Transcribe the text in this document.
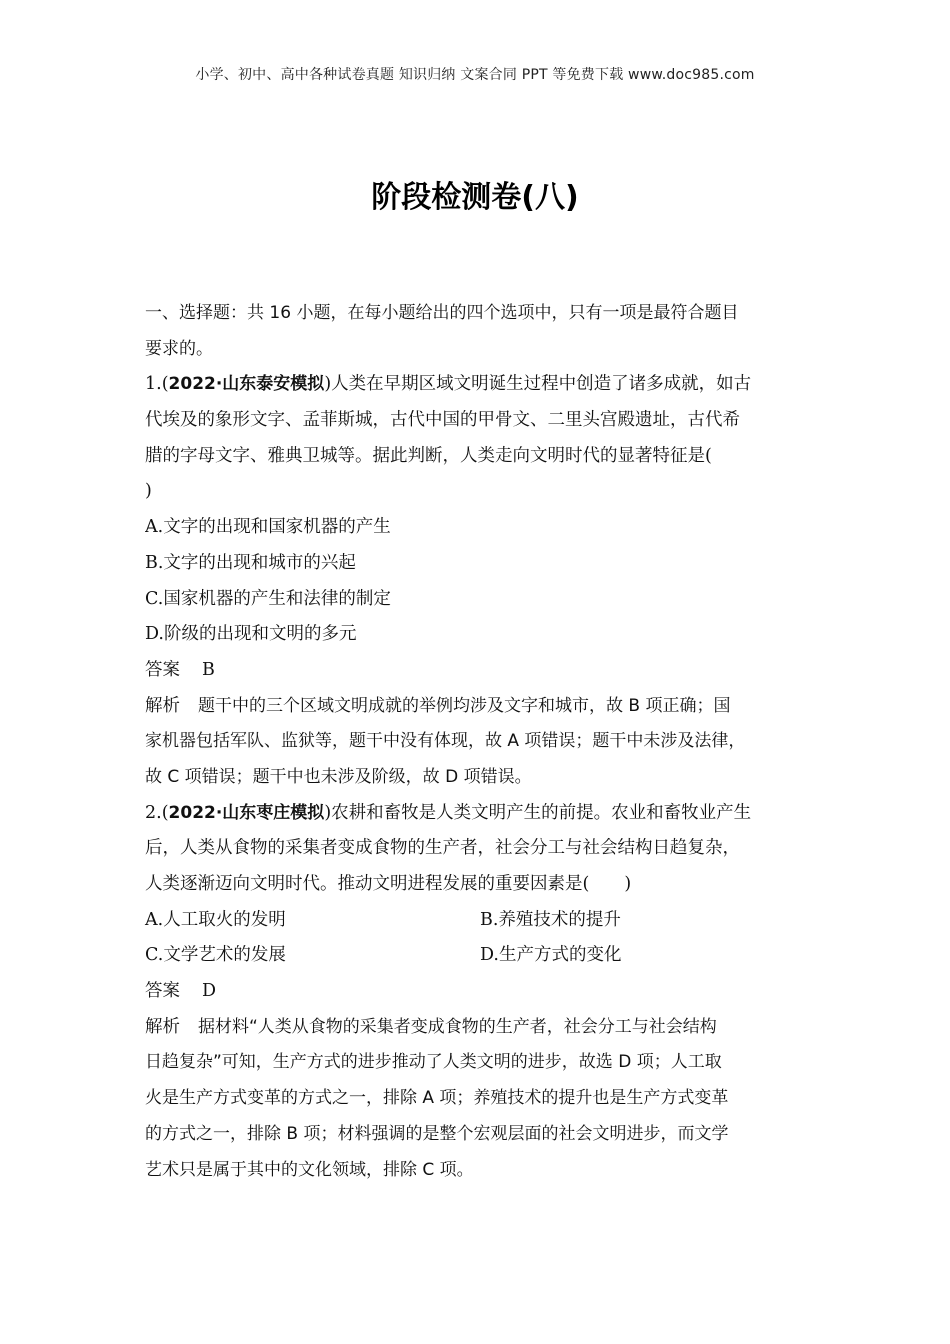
小学、初中、高中各种试卷真题 知识归纳 文案合同 PPT 等免费下载 www.doc985.com
阶段检测卷(八)
一、选择题：共 16 小题，在每小题给出的四个选项中，只有一项是最符合题目
要求的。
1.(2022·山东泰安模拟)人类在早期区域文明诞生过程中创造了诸多成就，如古
代埃及的象形文字、孟菲斯城，古代中国的甲骨文、二里头宫殿遗址，古代希
腊的字母文字、雅典卫城等。据此判断，人类走向文明时代的显著特征是(
)
A.文字的出现和国家机器的产生
B.文字的出现和城市的兴起
C.国家机器的产生和法律的制定
D.阶级的出现和文明的多元
答案 B
解析 题干中的三个区域文明成就的举例均涉及文字和城市，故 B 项正确；国
家机器包括军队、监狱等，题干中没有体现，故 A 项错误；题干中未涉及法律，
故 C 项错误；题干中也未涉及阶级，故 D 项错误。
2.(2022·山东枣庄模拟)农耕和畜牧是人类文明产生的前提。农业和畜牧业产生
后，人类从食物的采集者变成食物的生产者，社会分工与社会结构日趋复杂，
人类逐渐迈向文明时代。推动文明进程发展的重要因素是(　　)
A.人工取火的发明	B.养殖技术的提升
C.文学艺术的发展	D.生产方式的变化
答案 D
解析 据材料“人类从食物的采集者变成食物的生产者，社会分工与社会结构
日趋复杂”可知，生产方式的进步推动了人类文明的进步，故选 D 项；人工取
火是生产方式变革的方式之一，排除 A 项；养殖技术的提升也是生产方式变革
的方式之一，排除 B 项；材料强调的是整个宏观层面的社会文明进步，而文学
艺术只是属于其中的文化领域，排除 C 项。
